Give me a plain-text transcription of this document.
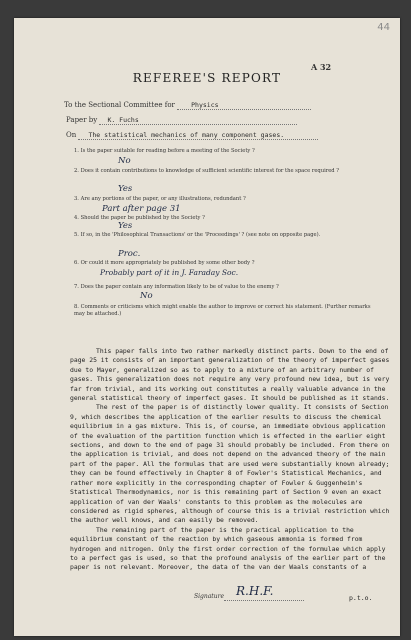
44
A 32
REFEREE'S REPORT
To the Sectional Committee for Physics
Paper by K. Fuchs
On The statistical mechanics of many component gases.
1. Is the paper suitable for reading before a meeting of the Society ?
No
2. Does it contain contributions to knowledge of sufficient scientific interest for the space required ?
Yes
3. Are any portions of the paper, or any illustrations, redundant ?
Part after page 31
4. Should the paper be published by the Society ?
Yes
5. If so, in the 'Philosophical Transactions' or the 'Proceedings' ? (see note on opposite page).
Proc.
6. Or could it more appropriately be published by some other body ?
Probably part of it in J. Faraday Soc.
7. Does the paper contain any information likely to be of value to the enemy ?
No
8. Comments or criticisms which might enable the author to improve or correct his statement. (Further remarks may be attached.)

This paper falls into two rather markedly distinct parts. Down to the end of page 25 it consists of an important generalization of the theory of imperfect gases due to Mayer, generalized so as to apply to a mixture of an arbitrary number of gases. This generalization does not require any very profound new idea, but is very far from trivial, and its working out constitutes a really valuable advance in the general statistical theory of imperfect gases. It should be published as it stands.

The rest of the paper is of distinctly lower quality. It consists of Section 9, which describes the application of the earlier results to discuss the chemical equilibrium in a gas mixture. This is, of course, an immediate obvious application of the evaluation of the partition function which is effected in the earlier eight sections, and down to the end of page 31 should probably be included. From there on the application is trivial, and does not depend on the advanced theory of the main part of the paper. All the formulas that are used were substantially known already; they can be found effectively in Chapter 8 of Fowler's Statistical Mechanics, and rather more explicitly in the corresponding chapter of Fowler & Guggenheim's Statistical Thermodynamics, nor is this remaining part of Section 9 even an exact application of van der Waals' constants to this problem as the molecules are considered as rigid spheres, although of course this is a trivial restriction which the author well knows, and can easily be removed.

The remaining part of the paper is the practical application to the equilibrium constant of the reaction by which gaseous ammonia is formed from hydrogen and nitrogen. Only the first order correction of the formulae which apply to a perfect gas is used, so that the profound analysis of the earlier part of the paper is not relevant. Moreover, the data of the van der Waals constants of a

Signature R.H.F.	p.t.o.
